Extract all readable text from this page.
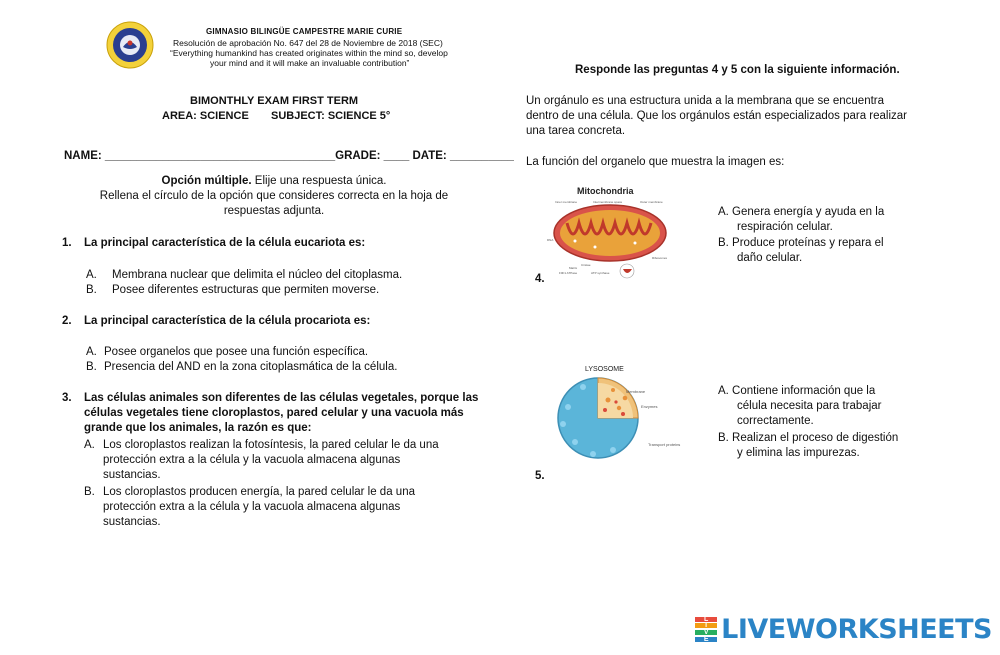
GIMNASIO BILINGÜE CAMPESTRE MARIE CURIE
Resolución de aprobación No. 647 del 28 de Noviembre de 2018 (SEC)
“Everything humankind has created originates within the mind so, develop
your mind and it will make an invaluable contribution”
BIMONTHLY EXAM FIRST TERM
AREA: SCIENCE SUBJECT: SCIENCE 5°
NAME: ____________________________________GRADE: ____ DATE: __________
Opción múltiple. Elije una respuesta única.
Rellena el círculo de la opción que consideres correcta en la hoja de
respuestas adjunta.
1. La principal característica de la célula eucariota es:
A. Membrana nuclear que delimita el núcleo del citoplasma.
B. Posee diferentes estructuras que permiten moverse.
2. La principal característica de la célula procariota es:
A. Posee organelos que posee una función específica.
B. Presencia del AND en la zona citoplasmática de la célula.
3. Las células animales son diferentes de las células vegetales, porque las
células vegetales tiene cloroplastos, pared celular y una vacuola más
grande que los animales, la razón es que:
A. Los cloroplastos realizan la fotosíntesis, la pared celular le da una
protección extra a la célula y la vacuola almacena algunas
sustancias.
B. Los cloroplastos producen energía, la pared celular le da una
protección extra a la célula y la vacuola almacena algunas
sustancias.
Responde las preguntas 4 y 5 con la siguiente información.
Un orgánulo es una estructura unida a la membrana que se encuentra
dentro de una célula. Que los orgánulos están especializados para realizar
una tarea concreta.
La función del organelo que muestra la imagen es:
Mitochondria
Inner membrane	Intermembrane space	Outer membrane
DNA
Ribosomes
Cristae
Matrix
F0F1 ATPase	ATP synthase
4.
A. Genera energía y ayuda en la
respiración celular.
B. Produce proteínas y repara el
daño celular.
LYSOSOME
Membrane
Enzymes
Transport proteins
5.
A. Contiene información que la
célula necesita para trabajar
correctamente.
B. Realizan el proceso de digestión
y elimina las impurezas.
L
I
V
E LIVEWORKSHEETS
